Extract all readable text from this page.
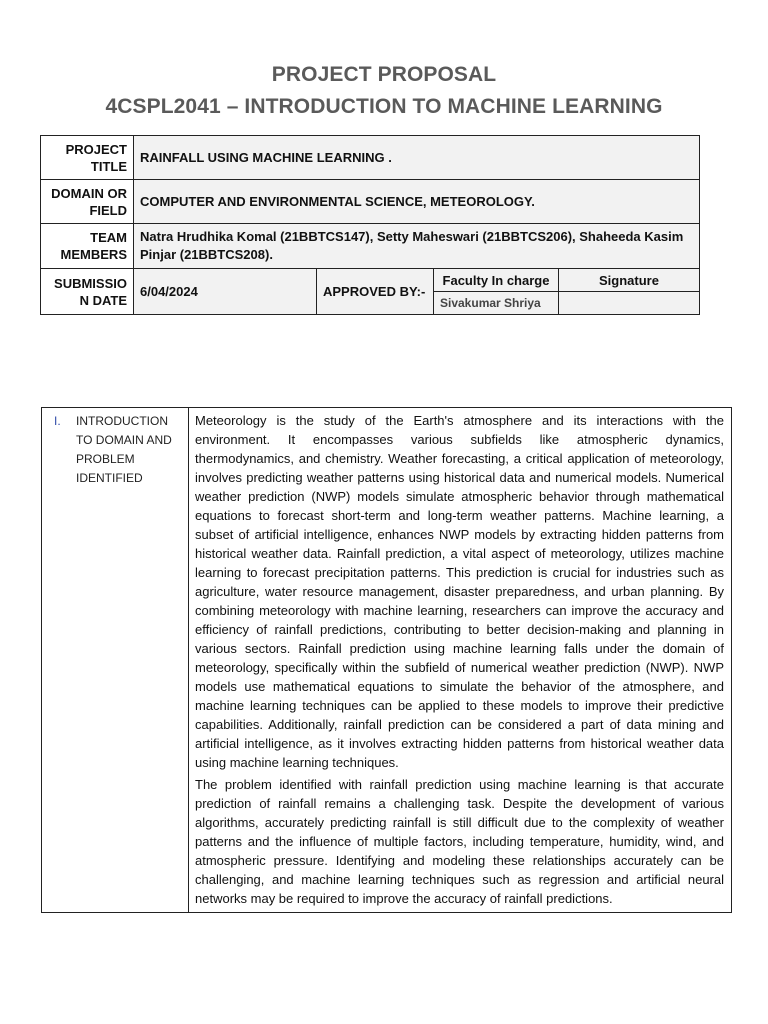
PROJECT PROPOSAL
4CSPL2041 – INTRODUCTION TO MACHINE LEARNING
PROJECT TITLE	RAINFALL USING MACHINE LEARNING .			
DOMAIN OR FIELD	COMPUTER AND ENVIRONMENTAL SCIENCE, METEOROLOGY.			
TEAM MEMBERS	Natra Hrudhika Komal (21BBTCS147), Setty Maheswari (21BBTCS206), Shaheeda Kasim Pinjar (21BBTCS208).			
SUBMISSIO N DATE	6/04/2024	APPROVED BY:-	Faculty In charge	Signature
			Sivakumar Shriya	
I.	INTRODUCTION TO DOMAIN AND PROBLEM IDENTIFIED

Meteorology is the study of the Earth's atmosphere and its interactions with the environment. It encompasses various subfields like atmospheric dynamics, thermodynamics, and chemistry. Weather forecasting, a critical application of meteorology, involves predicting weather patterns using historical data and numerical models. Numerical weather prediction (NWP) models simulate atmospheric behavior through mathematical equations to forecast short-term and long-term weather patterns. Machine learning, a subset of artificial intelligence, enhances NWP models by extracting hidden patterns from historical weather data. Rainfall prediction, a vital aspect of meteorology, utilizes machine learning to forecast precipitation patterns. This prediction is crucial for industries such as agriculture, water resource management, disaster preparedness, and urban planning. By combining meteorology with machine learning, researchers can improve the accuracy and efficiency of rainfall predictions, contributing to better decision-making and planning in various sectors. Rainfall prediction using machine learning falls under the domain of meteorology, specifically within the subfield of numerical weather prediction (NWP). NWP models use mathematical equations to simulate the behavior of the atmosphere, and machine learning techniques can be applied to these models to improve their predictive capabilities. Additionally, rainfall prediction can be considered a part of data mining and artificial intelligence, as it involves extracting hidden patterns from historical weather data using machine learning techniques.

The problem identified with rainfall prediction using machine learning is that accurate prediction of rainfall remains a challenging task. Despite the development of various algorithms, accurately predicting rainfall is still difficult due to the complexity of weather patterns and the influence of multiple factors, including temperature, humidity, wind, and atmospheric pressure. Identifying and modeling these relationships accurately can be challenging, and machine learning techniques such as regression and artificial neural networks may be required to improve the accuracy of rainfall predictions.
